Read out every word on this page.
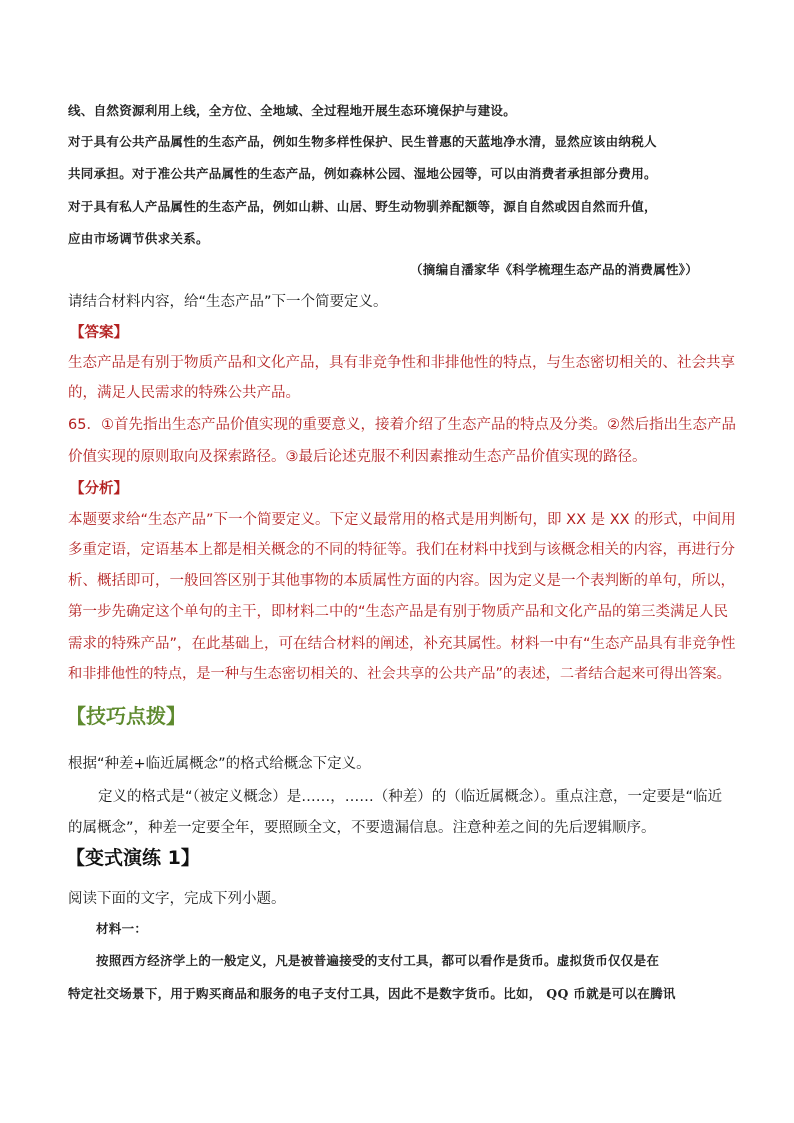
线、自然资源利用上线，全方位、全地域、全过程地开展生态环境保护与建设。
对于具有公共产品属性的生态产品，例如生物多样性保护、民生普惠的天蓝地净水清，显然应该由纳税人
共同承担。对于准公共产品属性的生态产品，例如森林公园、湿地公园等，可以由消费者承担部分费用。
对于具有私人产品属性的生态产品，例如山耕、山居、野生动物驯养配额等，源自自然或因自然而升值，
应由市场调节供求关系。
（摘编自潘家华《科学梳理生态产品的消费属性》）
请结合材料内容，给“生态产品”下一个简要定义。
【答案】
生态产品是有别于物质产品和文化产品，具有非竞争性和非排他性的特点，与生态密切相关的、社会共享
的，满足人民需求的特殊公共产品。
65．①首先指出生态产品价值实现的重要意义，接着介绍了生态产品的特点及分类。②然后指出生态产品
价值实现的原则取向及探索路径。③最后论述克服不利因素推动生态产品价值实现的路径。
【分析】
本题要求给“生态产品”下一个简要定义。下定义最常用的格式是用判断句，即 XX 是 XX 的形式，中间用
多重定语，定语基本上都是相关概念的不同的特征等。我们在材料中找到与该概念相关的内容，再进行分
析、概括即可，一般回答区别于其他事物的本质属性方面的内容。因为定义是一个表判断的单句，所以，
第一步先确定这个单句的主干，即材料二中的“生态产品是有别于物质产品和文化产品的第三类满足人民
需求的特殊产品”，在此基础上，可在结合材料的阐述，补充其属性。材料一中有“生态产品具有非竞争性
和非排他性的特点，是一种与生态密切相关的、社会共享的公共产品”的表述，二者结合起来可得出答案。
【技巧点拨】
根据“种差+临近属概念”的格式给概念下定义。
定义的格式是“（被定义概念）是……，……（种差）的（临近属概念）。重点注意，一定要是“临近
的属概念”，种差一定要全年，要照顾全文，不要遗漏信息。注意种差之间的先后逻辑顺序。
【变式演练 1】
阅读下面的文字，完成下列小题。
材料一：
按照西方经济学上的一般定义，凡是被普遍接受的支付工具，都可以看作是货币。虚拟货币仅仅是在
特定社交场景下，用于购买商品和服务的电子支付工具，因此不是数字货币。比如， QQ 币就是可以在腾讯
